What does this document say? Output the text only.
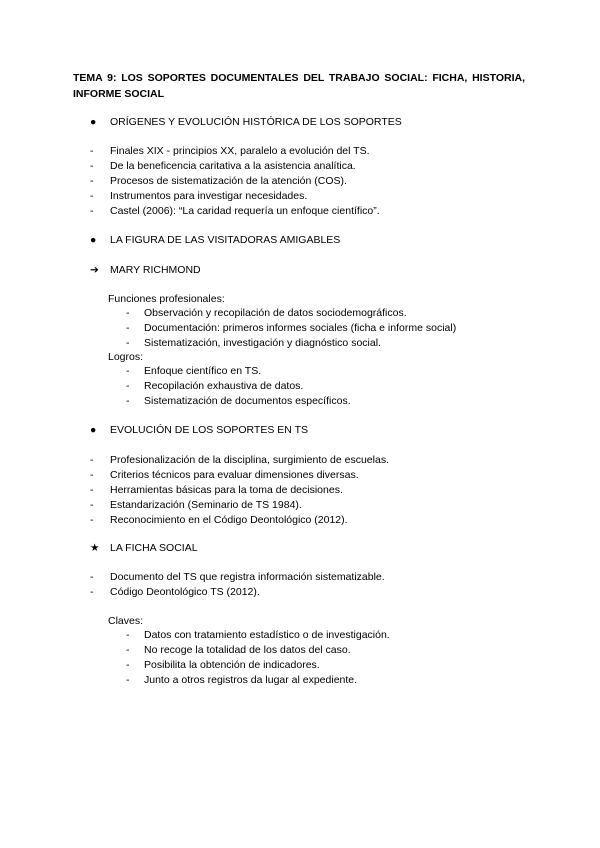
TEMA 9: LOS SOPORTES DOCUMENTALES DEL TRABAJO SOCIAL: FICHA, HISTORIA, INFORME SOCIAL
● ORÍGENES Y EVOLUCIÓN HISTÓRICA DE LOS SOPORTES
- Finales XIX - principios XX, paralelo a evolución del TS.
- De la beneficencia caritativa a la asistencia analítica.
- Procesos de sistematización de la atención (COS).
- Instrumentos para investigar necesidades.
- Castel (2006): “La caridad requería un enfoque científico”.
● LA FIGURA DE LAS VISITADORAS AMIGABLES
➔ MARY RICHMOND
Funciones profesionales:
- Observación y recopilación de datos sociodemográficos.
- Documentación: primeros informes sociales (ficha e informe social)
- Sistematización, investigación y diagnóstico social.
Logros:
- Enfoque científico en TS.
- Recopilación exhaustiva de datos.
- Sistematización de documentos específicos.
● EVOLUCIÓN DE LOS SOPORTES EN TS
- Profesionalización de la disciplina, surgimiento de escuelas.
- Criterios técnicos para evaluar dimensiones diversas.
- Herramientas básicas para la toma de decisiones.
- Estandarización (Seminario de TS 1984).
- Reconocimiento en el Código Deontológico (2012).
★ LA FICHA SOCIAL
- Documento del TS que registra información sistematizable.
- Código Deontológico TS (2012).
Claves:
- Datos con tratamiento estadístico o de investigación.
- No recoge la totalidad de los datos del caso.
- Posibilita la obtención de indicadores.
- Junto a otros registros da lugar al expediente.
